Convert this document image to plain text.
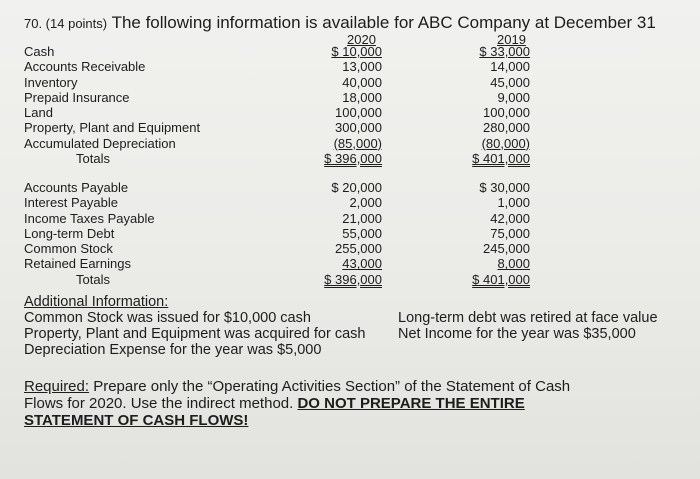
70. (14 points) The following information is available for ABC Company at December 31
2020	2019
Cash
Accounts Receivable
Inventory
Prepaid Insurance
Land
Property, Plant and Equipment
Accumulated Depreciation
Totals
$ 10,000
13,000
40,000
18,000
100,000
300,000
(85,000)
$ 396,000
$ 33,000
14,000
45,000
9,000
100,000
280,000
(80,000)
$ 401,000
Accounts Payable
Interest Payable
Income Taxes Payable
Long-term Debt
Common Stock
Retained Earnings
Totals
$ 20,000
2,000
21,000
55,000
255,000
43,000
$ 396,000
$ 30,000
1,000
42,000
75,000
245,000
8,000
$ 401,000
Additional Information:
Common Stock was issued for $10,000 cash
Property, Plant and Equipment was acquired for cash
Depreciation Expense for the year was $5,000
Long-term debt was retired at face value
Net Income for the year was $35,000
Required: Prepare only the “Operating Activities Section” of the Statement of Cash
Flows for 2020. Use the indirect method. DO NOT PREPARE THE ENTIRE
STATEMENT OF CASH FLOWS!
